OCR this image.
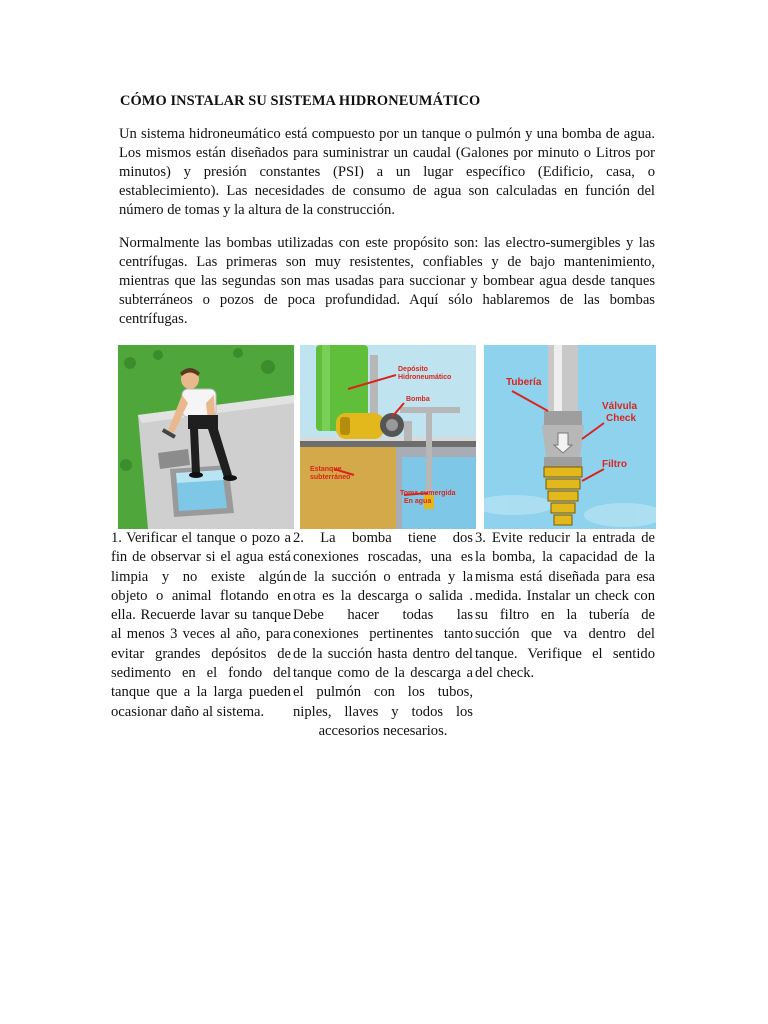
CÓMO INSTALAR SU SISTEMA HIDRONEUMÁTICO

Un sistema hidroneumático está compuesto por un tanque o pulmón y una bomba de agua. Los mismos están diseñados para suministrar un caudal (Galones por minuto o Litros por minutos) y presión constantes (PSI) a un lugar específico (Edificio, casa, o establecimiento). Las necesidades de consumo de agua son calculadas en función del número de tomas y la altura de la construcción.

Normalmente las bombas utilizadas con este propósito son: las electro-sumergibles y las centrífugas. Las primeras son muy resistentes, confiables y de bajo mantenimiento, mientras que las segundas son mas usadas para succionar y bombear agua desde tanques subterráneos o pozos de poca profundidad. Aquí sólo hablaremos de las bombas centrífugas.

Depósito
Hidroneumático
Bomba
Estanque
subterráneo
Toma sumergida
En agua
Tubería
Válvula
Check
Filtro

1. Verificar el tanque o pozo a fin de observar si el agua está limpia y no existe algún objeto o animal flotando en ella. Recuerde lavar su tanque al menos 3 veces al año, para evitar grandes depósitos de sedimento en el fondo del tanque que a la larga pueden ocasionar daño al sistema.

2. La bomba tiene dos conexiones roscadas, una es de la succión o entrada y la otra es la descarga o salida . Debe hacer todas las conexiones pertinentes tanto de la succión hasta dentro del tanque como de la descarga a el pulmón con los tubos, niples, llaves y todos los accesorios necesarios.

3. Evite reducir la entrada de la bomba, la capacidad de la misma está diseñada para esa medida. Instalar un check con su filtro en la tubería de succión que va dentro del tanque. Verifique el sentido del check.
